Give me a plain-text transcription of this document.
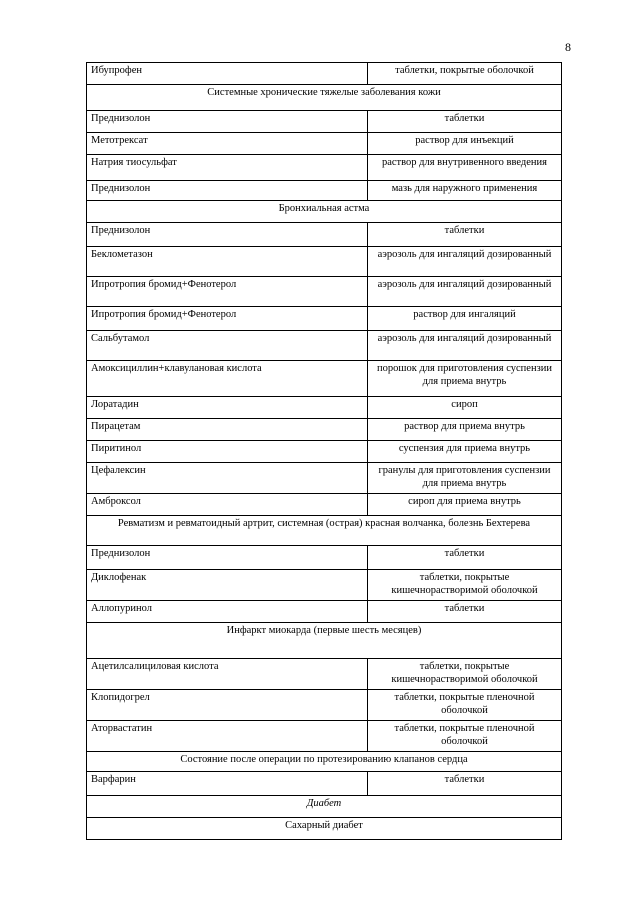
8
Ибупрофен	таблетки, покрытые оболочкой
Системные хронические тяжелые заболевания кожи	
Преднизолон	таблетки
Метотрексат	раствор для инъекций
Натрия тиосульфат	раствор для внутривенного введения
Преднизолон	мазь для наружного применения
Бронхиальная астма	
Преднизолон	таблетки
Беклометазон	аэрозоль для ингаляций дозированный
Ипротропия бромид+Фенотерол	аэрозоль для ингаляций дозированный
Ипротропия бромид+Фенотерол	раствор для ингаляций
Сальбутамол	аэрозоль для ингаляций дозированный
Амоксициллин+клавулановая кислота	порошок для приготовления суспензии для приема внутрь
Лоратадин	сироп
Пирацетам	раствор для приема внутрь
Пиритинол	суспензия для приема внутрь
Цефалексин	гранулы для приготовления суспензии для приема внутрь
Амброксол	сироп для приема внутрь
Ревматизм и ревматоидный артрит, системная (острая) красная волчанка, болезнь Бехтерева	
Преднизолон	таблетки
Диклофенак	таблетки, покрытые кишечнорастворимой оболочкой
Аллопуринол	таблетки
Инфаркт миокарда (первые шесть месяцев)	
Ацетилсалициловая кислота	таблетки, покрытые кишечнорастворимой оболочкой
Клопидогрел	таблетки, покрытые пленочной оболочкой
Аторвастатин	таблетки, покрытые пленочной оболочкой
Состояние после операции по протезированию клапанов сердца	
Варфарин	таблетки
Диабет	
Сахарный диабет	
